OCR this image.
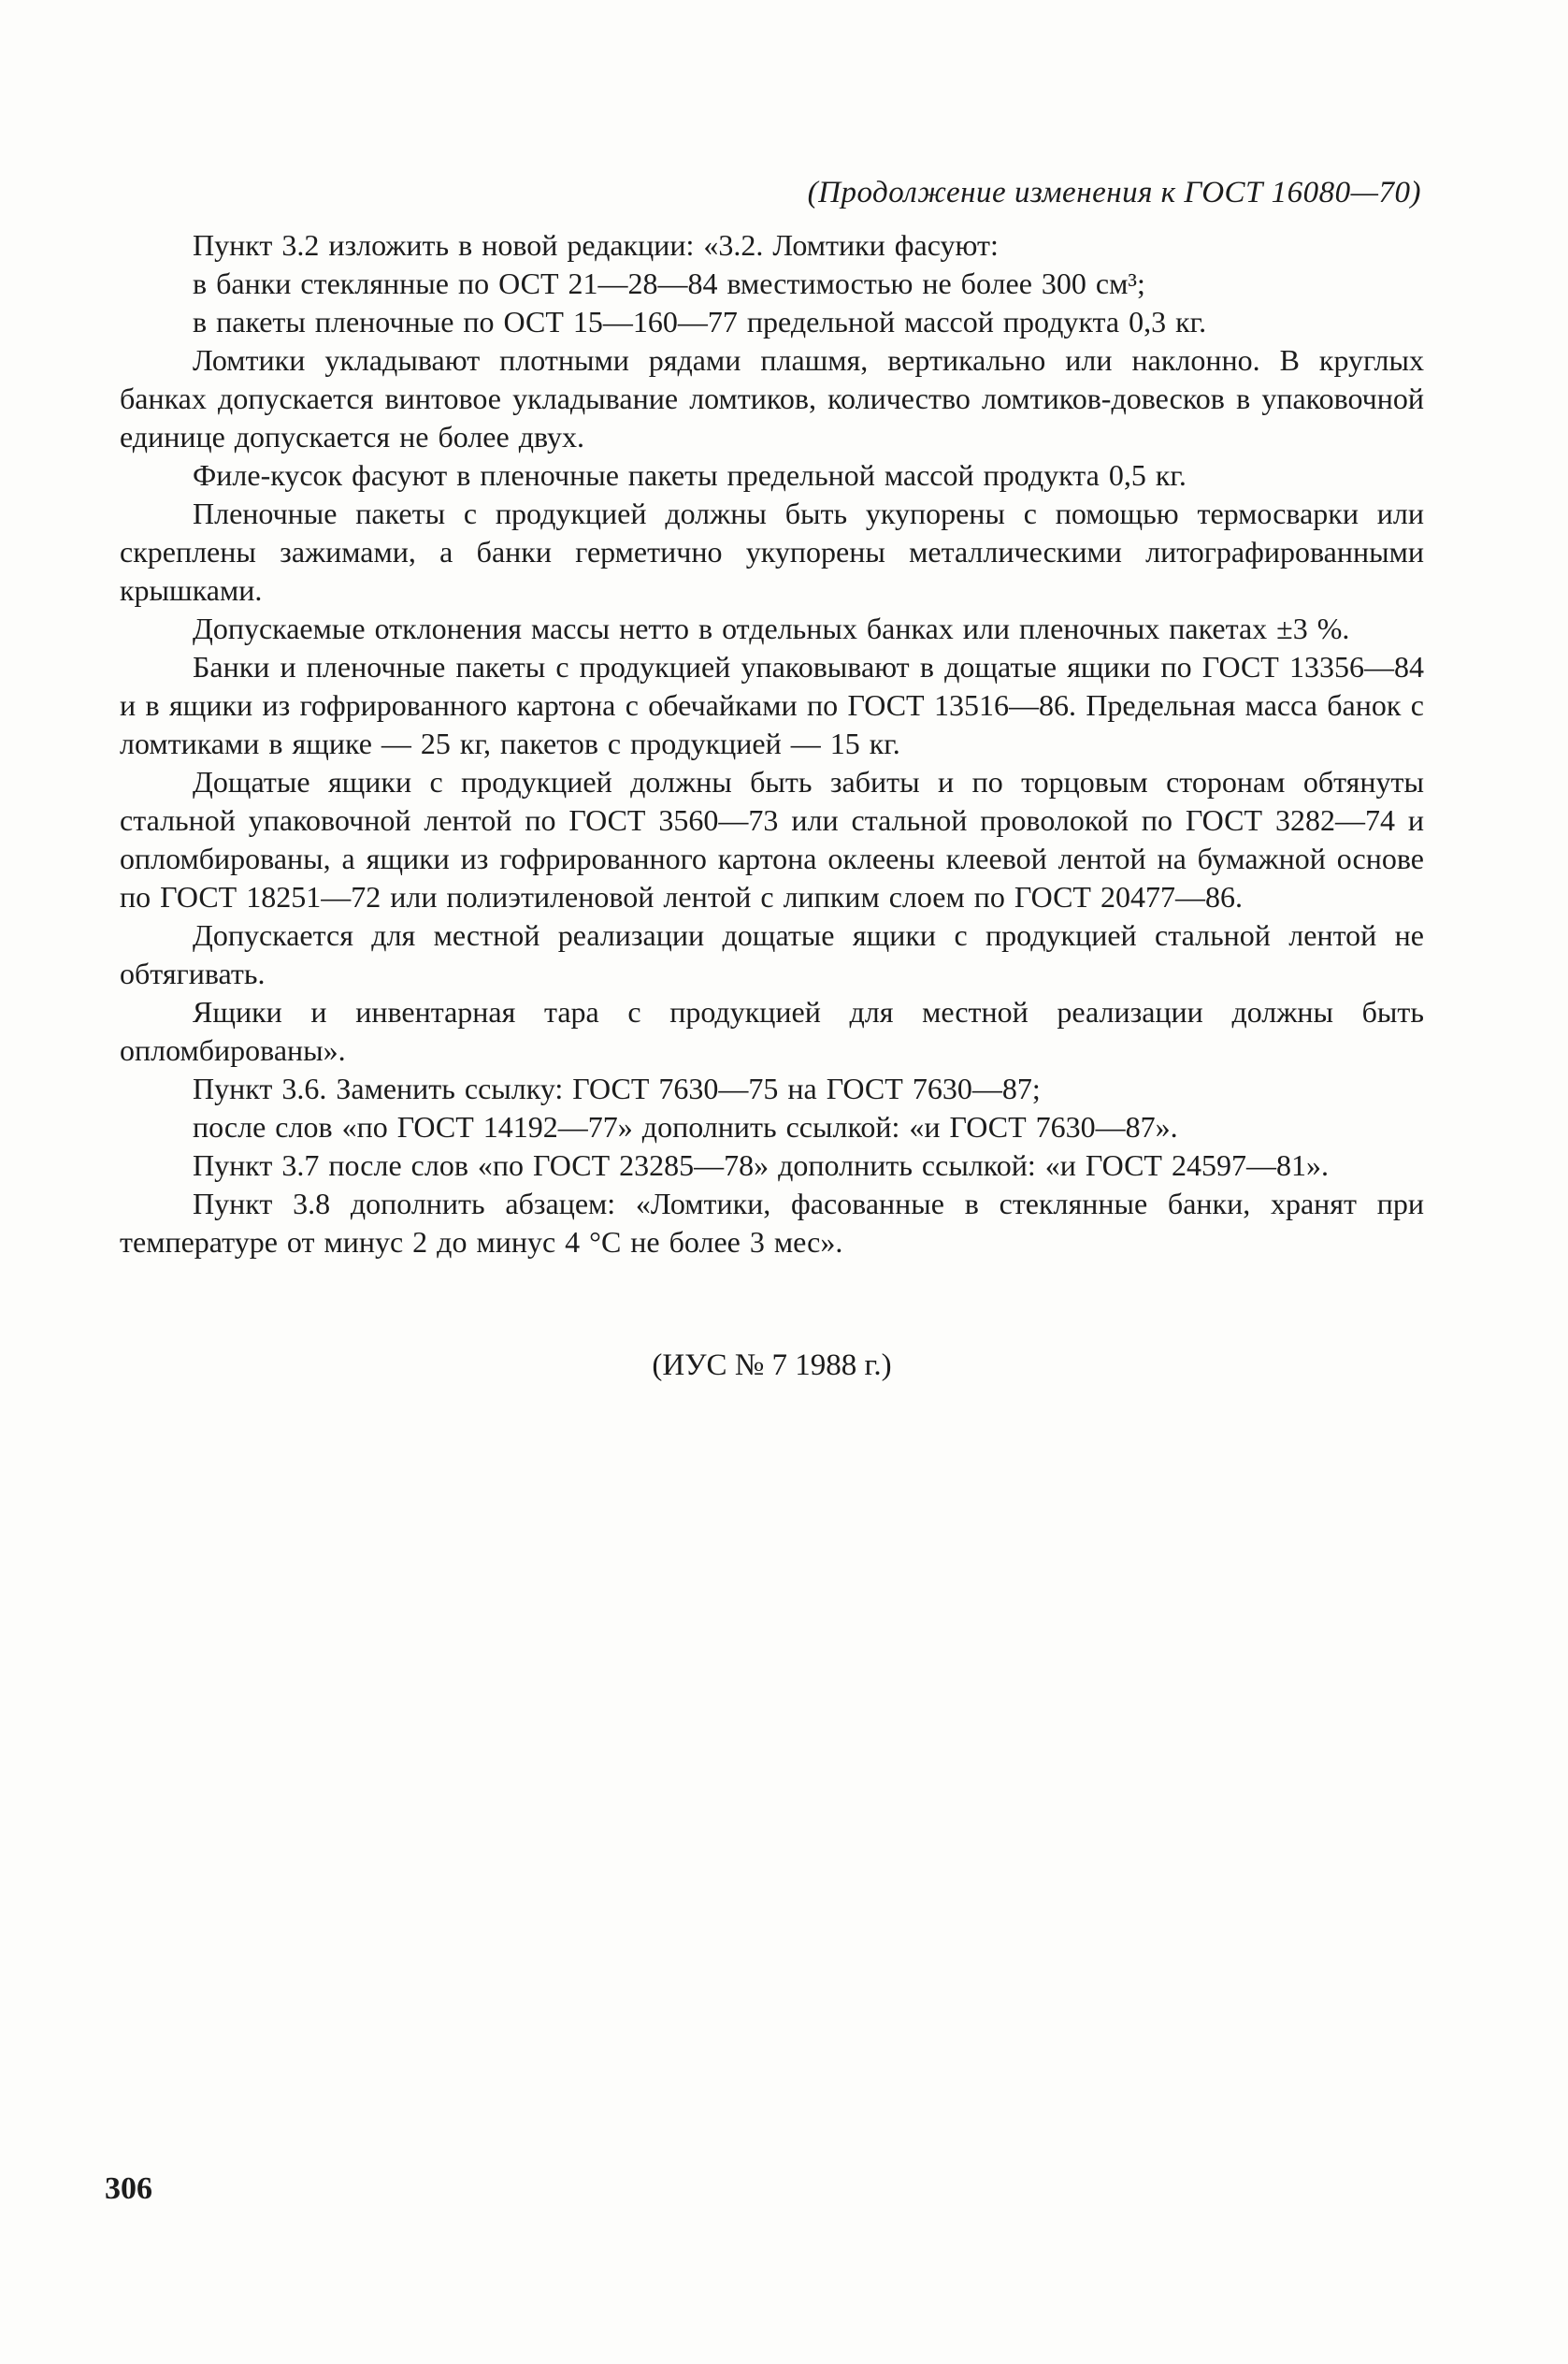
(Продолжение изменения к ГОСТ 16080—70)

Пункт 3.2 изложить в новой редакции: «3.2. Ломтики фасуют:

в банки стеклянные по ОСТ 21—28—84 вместимостью не более 300 см³;

в пакеты пленочные по ОСТ 15—160—77 предельной массой продукта 0,3 кг.

Ломтики укладывают плотными рядами плашмя, вертикально или наклонно. В круглых банках допускается винтовое укладывание ломтиков, количество ломтиков-довесков в упаковочной единице допускается не более двух.

Филе-кусок фасуют в пленочные пакеты предельной массой продукта 0,5 кг.

Пленочные пакеты с продукцией должны быть укупорены с помощью термосварки или скреплены зажимами, а банки герметично укупорены металлическими литографированными крышками.

Допускаемые отклонения массы нетто в отдельных банках или пленочных пакетах ±3 %.

Банки и пленочные пакеты с продукцией упаковывают в дощатые ящики по ГОСТ 13356—84 и в ящики из гофрированного картона с обечайками по ГОСТ 13516—86. Предельная масса банок с ломтиками в ящике — 25 кг, пакетов с продукцией — 15 кг.

Дощатые ящики с продукцией должны быть забиты и по торцовым сторонам обтянуты стальной упаковочной лентой по ГОСТ 3560—73 или стальной проволокой по ГОСТ 3282—74 и опломбированы, а ящики из гофрированного картона оклеены клеевой лентой на бумажной основе по ГОСТ 18251—72 или полиэтиленовой лентой с липким слоем по ГОСТ 20477—86.

Допускается для местной реализации дощатые ящики с продукцией стальной лентой не обтягивать.

Ящики и инвентарная тара с продукцией для местной реализации должны быть опломбированы».

Пункт 3.6. Заменить ссылку: ГОСТ 7630—75 на ГОСТ 7630—87;

после слов «по ГОСТ 14192—77» дополнить ссылкой: «и ГОСТ 7630—87».

Пункт 3.7 после слов «по ГОСТ 23285—78» дополнить ссылкой: «и ГОСТ 24597—81».

Пункт 3.8 дополнить абзацем: «Ломтики, фасованные в стеклянные банки, хранят при температуре от минус 2 до минус 4 °С не более 3 мес».

(ИУС № 7 1988 г.)
306
